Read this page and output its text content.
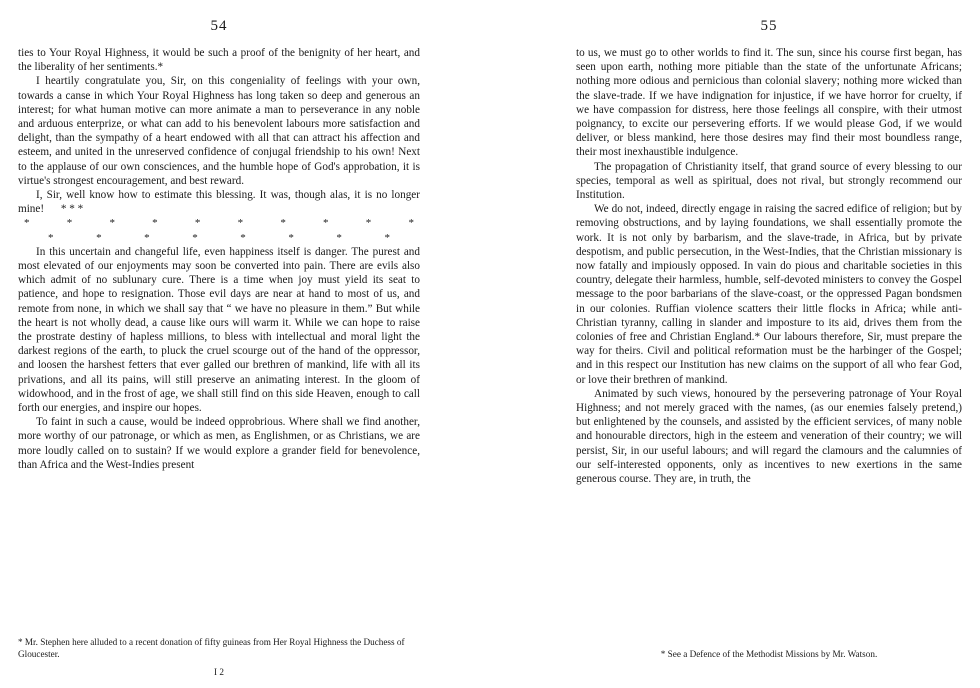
54

ties to Your Royal Highness, it would be such a proof of the benignity of her heart, and the liberality of her sentiments.*

I heartily congratulate you, Sir, on this congeniality of feelings with your own, towards a canse in which Your Royal Highness has long taken so deep and generous an interest; for what human motive can more animate a man to perseverance in any noble and arduous enterprize, or what can add to his benevolent labours more satisfaction and delight, than the sympathy of a heart endowed with all that can attract his affection and esteem, and united in the unreserved confidence of conjugal friendship to his own! Next to the applause of our own consciences, and the humble hope of God's approbation, it is virtue's strongest encouragement, and best reward.

I, Sir, well know how to estimate this blessing. It was, though alas, it is no longer mine! * * *

*	*	*	*	*	*	*	*	*	*
*	*	*	*	*	*	*	*

In this uncertain and changeful life, even happiness itself is danger. The purest and most elevated of our enjoyments may soon be converted into pain. There are evils also which admit of no sublunary cure. There is a time when joy must yield its seat to patience, and hope to resignation. Those evil days are near at hand to most of us, and remote from none, in which we shall say that “ we have no pleasure in them.” But while the heart is not wholly dead, a cause like ours will warm it. While we can hope to raise the prostrate destiny of hapless millions, to bless with intellectual and moral light the darkest regions of the earth, to pluck the cruel scourge out of the hand of the oppressor, and loosen the harshest fetters that ever galled our brethren of mankind, life with all its privations, and all its pains, will still preserve an animating interest. In the gloom of widowhood, and in the frost of age, we shall still find on this side Heaven, enough to call forth our energies, and inspire our hopes.

To faint in such a cause, would be indeed opprobrious. Where shall we find another, more worthy of our patronage, or which as men, as Englishmen, or as Christians, we are more loudly called on to sustain? If we would explore a grander field for benevolence, than Africa and the West-Indies present

* Mr. Stephen here alluded to a recent donation of fifty guineas from Her Royal Highness the Duchess of Gloucester.
I 2
55

to us, we must go to other worlds to find it. The sun, since his course first began, has seen upon earth, nothing more pitiable than the state of the unfortunate Africans; nothing more odious and pernicious than colonial slavery; nothing more wicked than the slave-trade. If we have indignation for injustice, if we have horror for cruelty, if we have compassion for distress, here those feelings all conspire, with their utmost poignancy, to excite our persevering efforts. If we would please God, if we would deliver, or bless mankind, here those desires may find their most boundless range, their most inexhaustible indulgence.

The propagation of Christianity itself, that grand source of every blessing to our species, temporal as well as spiritual, does not rival, but strongly recommend our Institution.

We do not, indeed, directly engage in raising the sacred edifice of religion; but by removing obstructions, and by laying foundations, we shall essentially promote the work. It is not only by barbarism, and the slave-trade, in Africa, but by private despotism, and public persecution, in the West-Indies, that the Christian missionary is now fatally and impiously opposed. In vain do pious and charitable societies in this country, delegate their harmless, humble, self-devoted ministers to convey the Gospel message to the poor barbarians of the slave-coast, or the oppressed Pagan bondsmen in our colonies. Ruffian violence scatters their little flocks in Africa; while anti-Christian tyranny, calling in slander and imposture to its aid, drives them from the colonies of free and Christian England.* Our labours therefore, Sir, must prepare the way for theirs. Civil and political reformation must be the harbinger of the Gospel; and in this respect our Institution has new claims on the support of all who fear God, or love their brethren of mankind.

Animated by such views, honoured by the persevering patronage of Your Royal Highness; and not merely graced with the names, (as our enemies falsely pretend,) but enlightened by the counsels, and assisted by the efficient services, of many noble and honourable directors, high in the esteem and veneration of their country; we will persist, Sir, in our useful labours; and will regard the clamours and the calumnies of our self-interested opponents, only as incentives to new exertions in the same generous course. They are, in truth, the

* See a Defence of the Methodist Missions by Mr. Watson.
